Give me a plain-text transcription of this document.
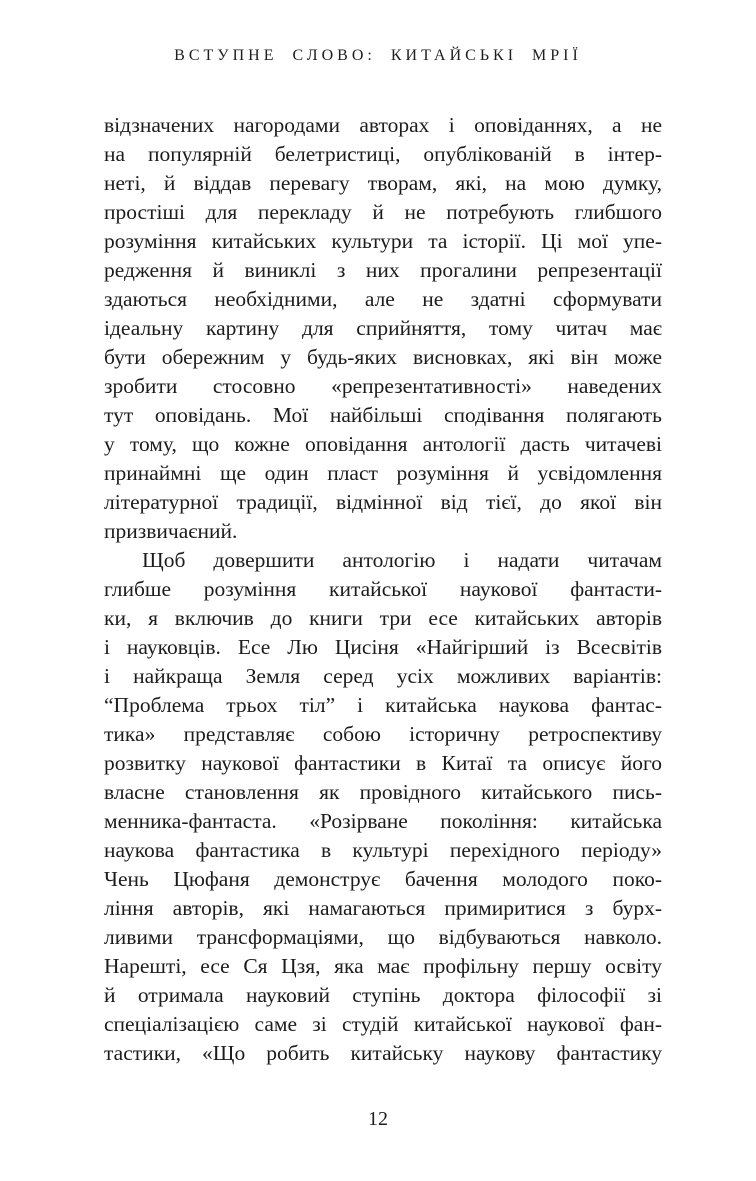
ВСТУПНЕ СЛОВО: КИТАЙСЬКІ МРІЇ
відзначених нагородами авторах і оповіданнях, а не
на популярній белетристиці, опублікованій в інтер-
неті, й віддав перевагу творам, які, на мою думку,
простіші для перекладу й не потребують глибшого
розуміння китайських культури та історії. Ці мої упе-
редження й виниклі з них прогалини репрезентації
здаються необхідними, але не здатні сформувати
ідеальну картину для сприйняття, тому читач має
бути обережним у будь-яких висновках, які він може
зробити стосовно «репрезентативності» наведених
тут оповідань. Мої найбільші сподівання полягають
у тому, що кожне оповідання антології дасть читачеві
принаймні ще один пласт розуміння й усвідомлення
літературної традиції, відмінної від тієї, до якої він
призвичаєний.
Щоб довершити антологію і надати читачам
глибше розуміння китайської наукової фантасти-
ки, я включив до книги три есе китайських авторів
і науковців. Есе Лю Цисіня «Найгірший із Всесвітів
і найкраща Земля серед усіх можливих варіантів:
“Проблема трьох тіл” і китайська наукова фантас-
тика» представляє собою історичну ретроспективу
розвитку наукової фантастики в Китаї та описує його
власне становлення як провідного китайського пись-
менника-фантаста. «Розірване покоління: китайська
наукова фантастика в культурі перехідного періоду»
Чень Цюфаня демонструє бачення молодого поко-
ління авторів, які намагаються примиритися з бурх-
ливими трансформаціями, що відбуваються навколо.
Нарешті, есе Ся Цзя, яка має профільну першу освіту
й отримала науковий ступінь доктора філософії зі
спеціалізацією саме зі студій китайської наукової фан-
тастики, «Що робить китайську наукову фантастику
12
